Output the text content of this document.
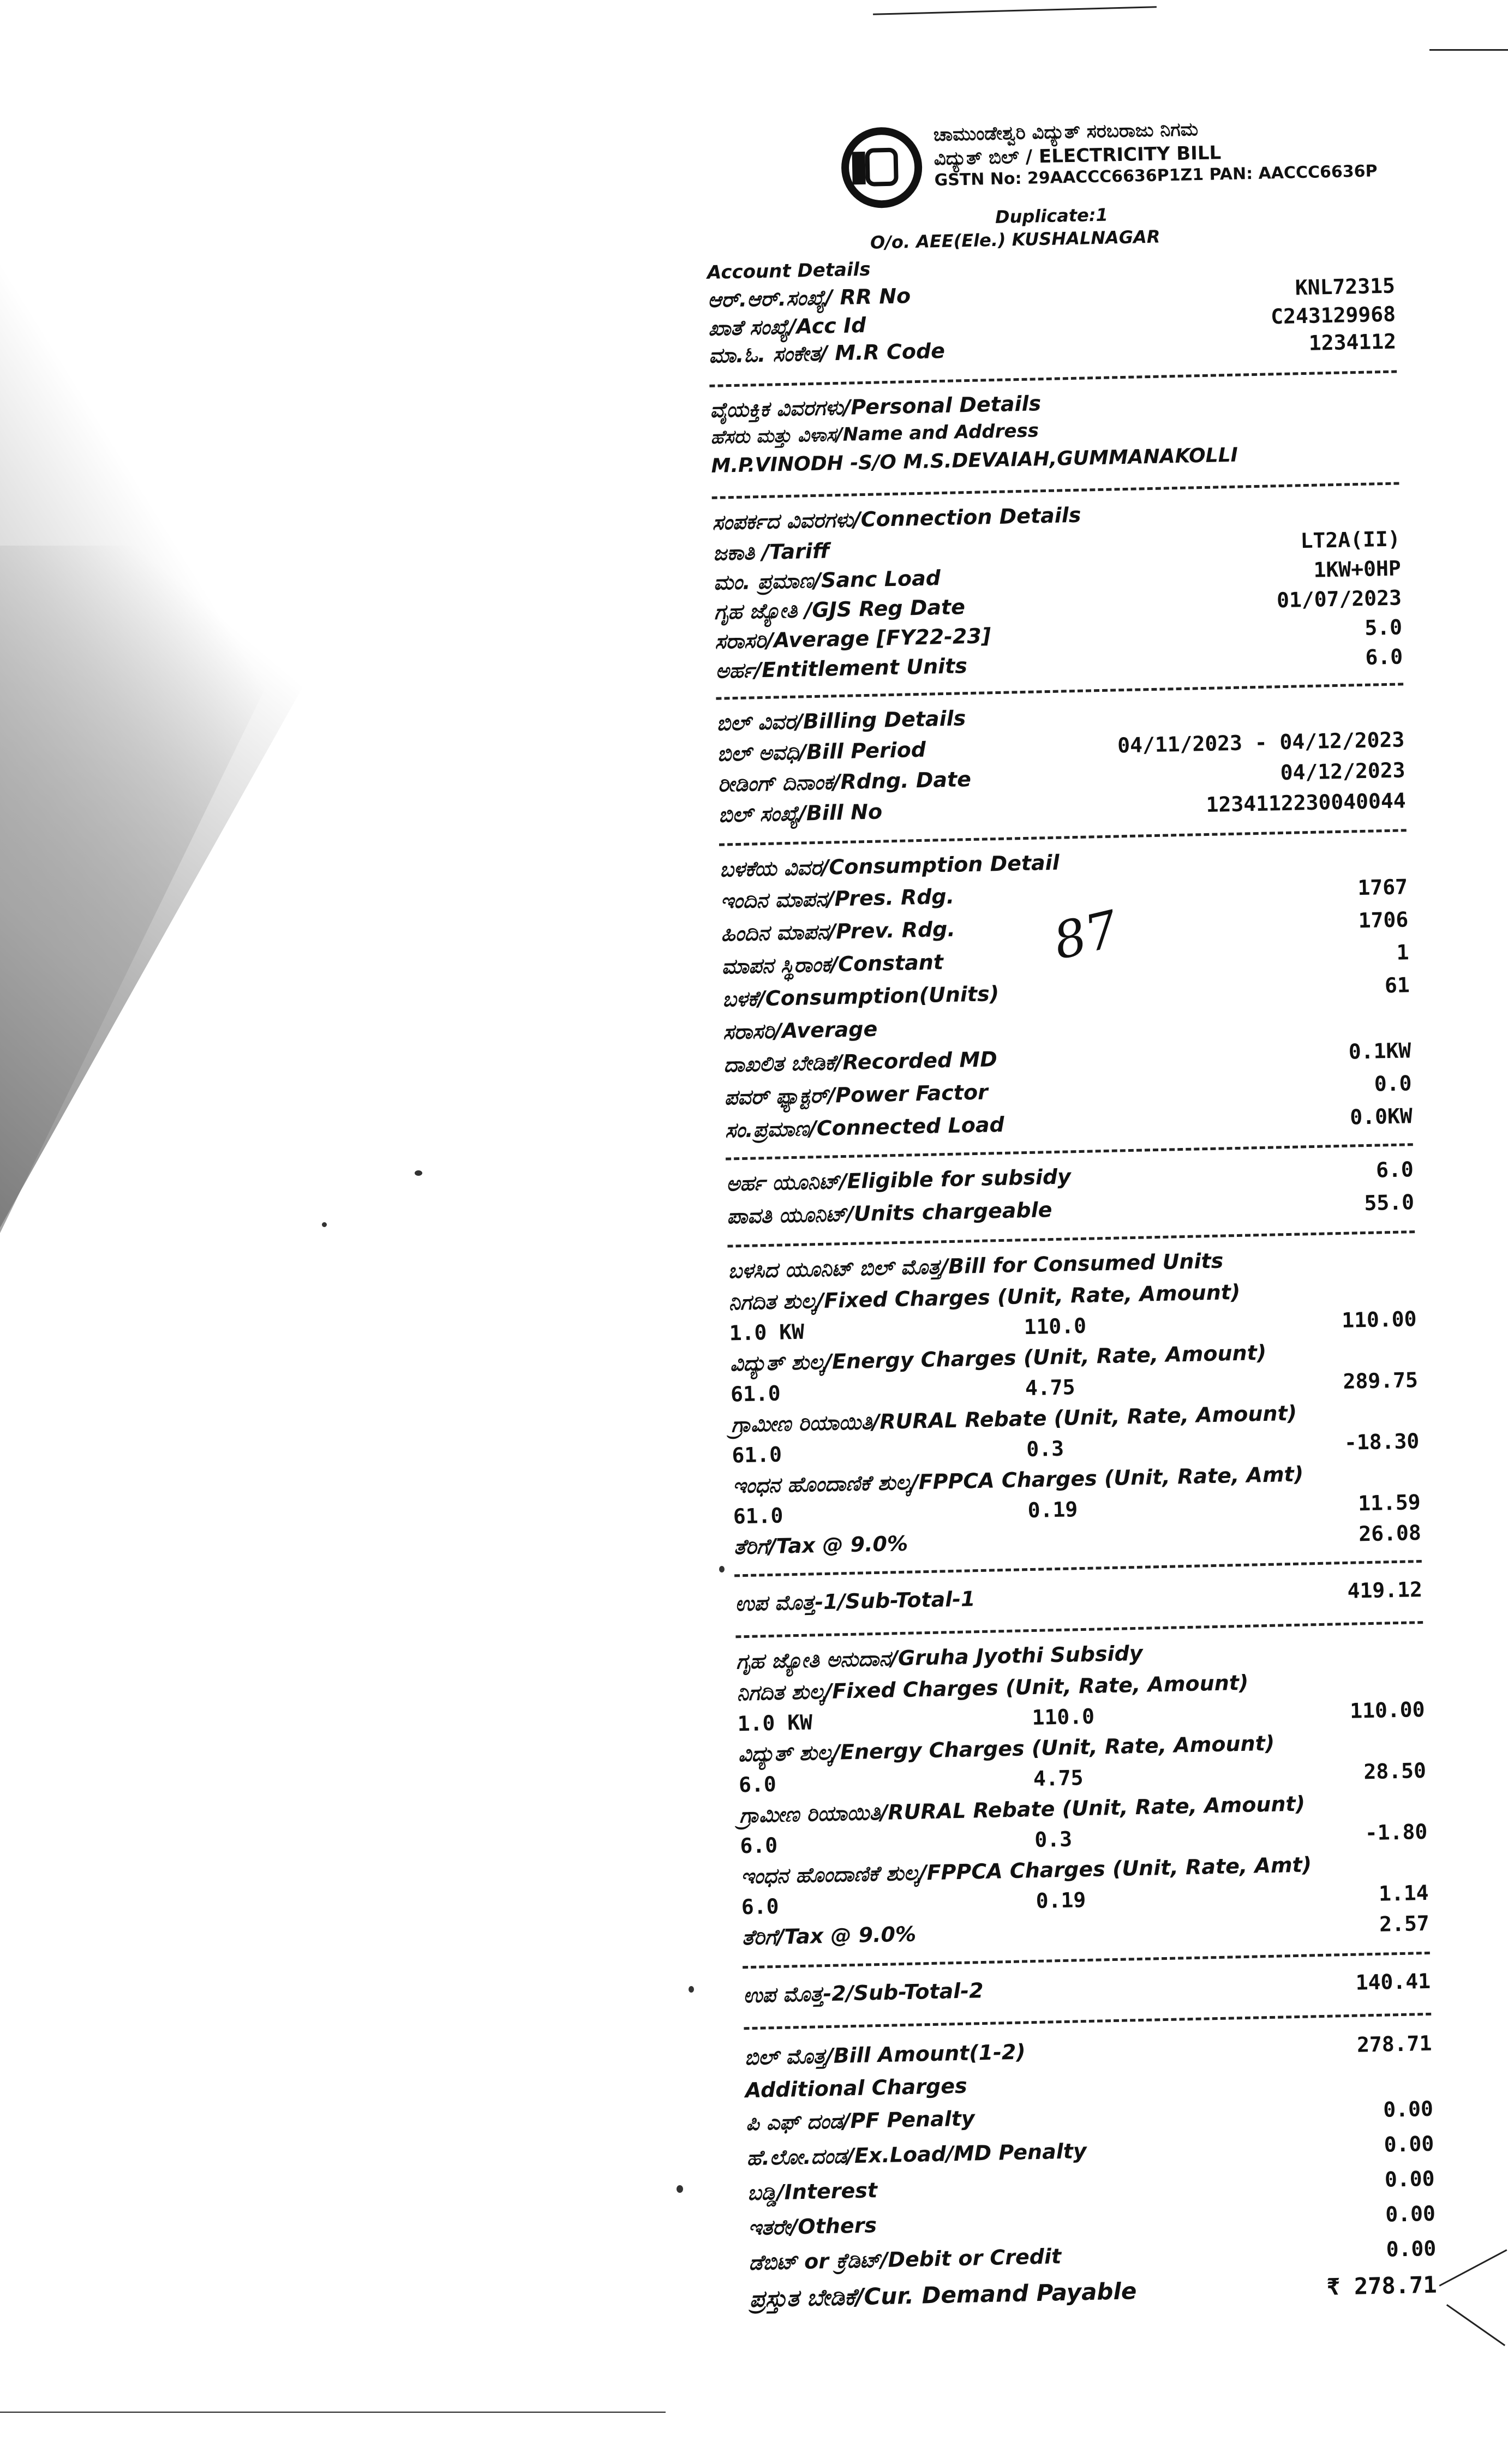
ಚಾಮುಂಡೇಶ್ವರಿ ವಿದ್ಯುತ್ ಸರಬರಾಜು ನಿಗಮ
ವಿದ್ಯುತ್ ಬಿಲ್ / ELECTRICITY BILL
GSTN No: 29AACCC6636P1Z1 PAN: AACCC6636P
Duplicate:1
O/o. AEE(Ele.) KUSHALNAGAR
Account Details
ಆರ್.ಆರ್.ಸಂಖ್ಯೆ/ RR No	KNL72315
ಖಾತೆ ಸಂಖ್ಯೆ/Acc Id	C243129968
ಮಾ.ಓ. ಸಂಕೇತ/ M.R Code	1234112
ವೈಯಕ್ತಿಕ ವಿವರಗಳು/Personal Details
ಹೆಸರು ಮತ್ತು ವಿಳಾಸ/Name and Address
M.P.VINODH -S/O M.S.DEVAIAH,GUMMANAKOLLI
ಸಂಪರ್ಕದ ವಿವರಗಳು/Connection Details
ಜಕಾತಿ /Tariff	LT2A(II)
ಮಂ. ಪ್ರಮಾಣ/Sanc Load	1KW+0HP
ಗೃಹ ಜ್ಯೋತಿ /GJS Reg Date	01/07/2023
ಸರಾಸರಿ/Average [FY22-23]	5.0
ಅರ್ಹ/Entitlement Units	6.0
ಬಿಲ್ ವಿವರ/Billing Details
ಬಿಲ್ ಅವಧಿ/Bill Period	04/11/2023 - 04/12/2023
ರೀಡಿಂಗ್ ದಿನಾಂಕ/Rdng. Date	04/12/2023
ಬಿಲ್ ಸಂಖ್ಯೆ/Bill No	1234112230040044
ಬಳಕೆಯ ವಿವರ/Consumption Detail
ಇಂದಿನ ಮಾಪನ/Pres. Rdg.	1767
ಹಿಂದಿನ ಮಾಪನ/Prev. Rdg.	1706
87
ಮಾಪನ ಸ್ಥಿರಾಂಕ/Constant	1
ಬಳಕೆ/Consumption(Units)	61
ಸರಾಸರಿ/Average
ದಾಖಲಿತ ಬೇಡಿಕೆ/Recorded MD	0.1KW
ಪವರ್ ಫ್ಯಾಕ್ಟರ್/Power Factor	0.0
ಸಂ.ಪ್ರಮಾಣ/Connected Load	0.0KW
ಅರ್ಹ ಯೂನಿಟ್/Eligible for subsidy	6.0
ಪಾವತಿ ಯೂನಿಟ್/Units chargeable	55.0
ಬಳಸಿದ ಯೂನಿಟ್ ಬಿಲ್ ಮೊತ್ತ/Bill for Consumed Units
ನಿಗದಿತ ಶುಲ್ಕ/Fixed Charges (Unit, Rate, Amount)
1.0 KW	110.0	110.00
ವಿದ್ಯುತ್ ಶುಲ್ಕ/Energy Charges (Unit, Rate, Amount)
61.0	4.75	289.75
ಗ್ರಾಮೀಣ ರಿಯಾಯಿತಿ/RURAL Rebate (Unit, Rate, Amount)
61.0	0.3	-18.30
ಇಂಧನ ಹೊಂದಾಣಿಕೆ ಶುಲ್ಕ/FPPCA Charges (Unit, Rate, Amt)
61.0	0.19	11.59
ತೆರಿಗೆ/Tax @ 9.0%	26.08
ಉಪ ಮೊತ್ತ-1/Sub-Total-1	419.12
ಗೃಹ ಜ್ಯೋತಿ ಅನುದಾನ/Gruha Jyothi Subsidy
ನಿಗದಿತ ಶುಲ್ಕ/Fixed Charges (Unit, Rate, Amount)
1.0 KW	110.0	110.00
ವಿದ್ಯುತ್ ಶುಲ್ಕ/Energy Charges (Unit, Rate, Amount)
6.0	4.75	28.50
ಗ್ರಾಮೀಣ ರಿಯಾಯಿತಿ/RURAL Rebate (Unit, Rate, Amount)
6.0	0.3	-1.80
ಇಂಧನ ಹೊಂದಾಣಿಕೆ ಶುಲ್ಕ/FPPCA Charges (Unit, Rate, Amt)
6.0	0.19	1.14
ತೆರಿಗೆ/Tax @ 9.0%	2.57
ಉಪ ಮೊತ್ತ-2/Sub-Total-2	140.41
ಬಿಲ್ ಮೊತ್ತ/Bill Amount(1-2)	278.71
Additional Charges
ಪಿ ಎಫ್ ದಂಡ/PF Penalty	0.00
ಹೆ.ಲೋ.ದಂಡ/Ex.Load/MD Penalty	0.00
ಬಡ್ಡಿ/Interest	0.00
ಇತರೇ/Others	0.00
ಡೆಬಿಟ್ or ಕ್ರೆಡಿಟ್/Debit or Credit	0.00
ಪ್ರಸ್ತುತ ಬೇಡಿಕೆ/Cur. Demand Payable	₹ 278.71
